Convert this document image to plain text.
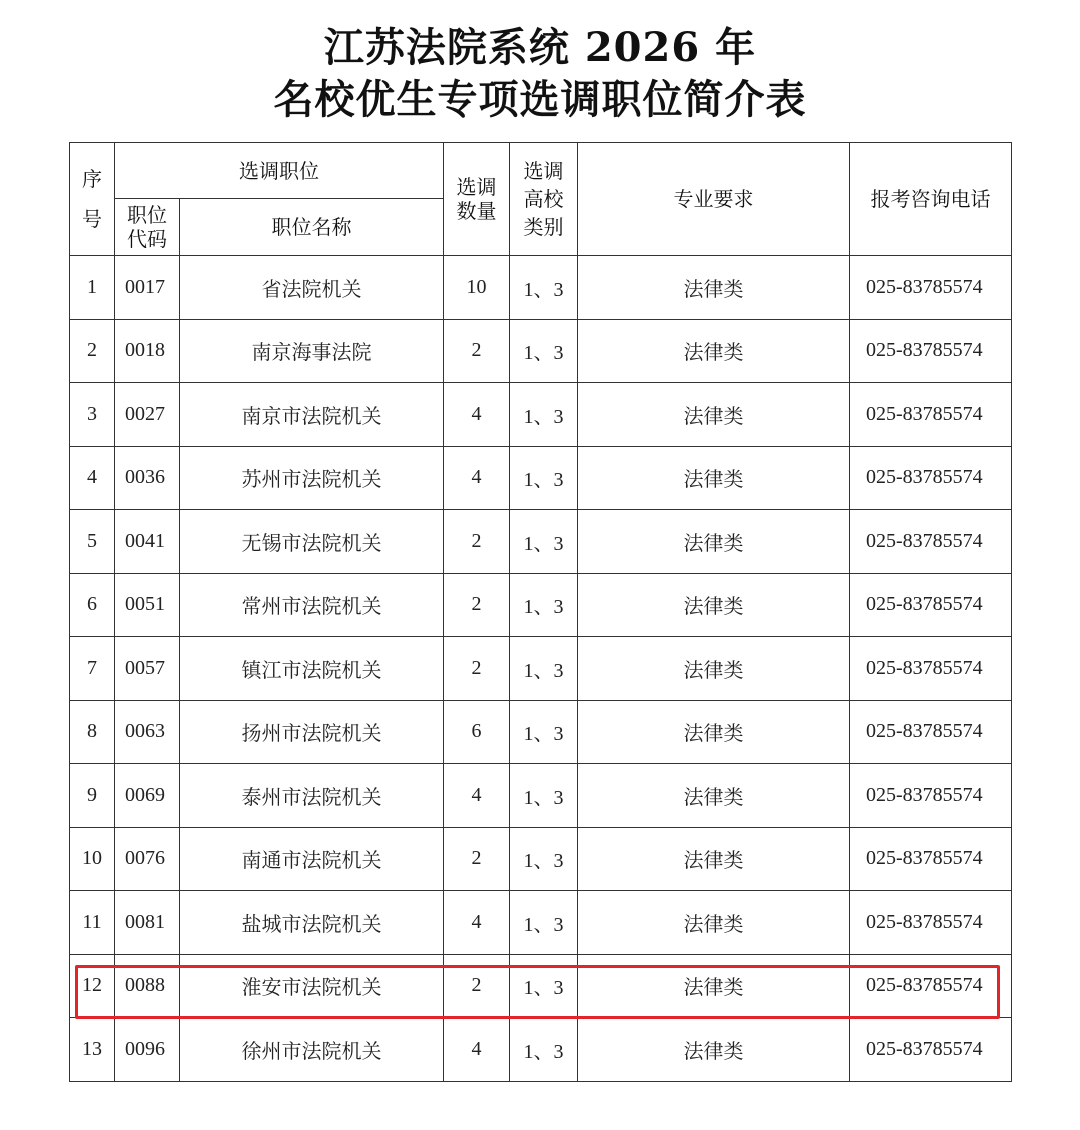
江苏法院系统 2026 年
名校优生专项选调职位简介表
序号	选调职位		选调数量	选调高校类别	专业要求	报考咨询电话
	职位代码	职位名称				
1	0017	省法院机关	10	1、3	法律类	025-83785574
2	0018	南京海事法院	2	1、3	法律类	025-83785574
3	0027	南京市法院机关	4	1、3	法律类	025-83785574
4	0036	苏州市法院机关	4	1、3	法律类	025-83785574
5	0041	无锡市法院机关	2	1、3	法律类	025-83785574
6	0051	常州市法院机关	2	1、3	法律类	025-83785574
7	0057	镇江市法院机关	2	1、3	法律类	025-83785574
8	0063	扬州市法院机关	6	1、3	法律类	025-83785574
9	0069	泰州市法院机关	4	1、3	法律类	025-83785574
10	0076	南通市法院机关	2	1、3	法律类	025-83785574
11	0081	盐城市法院机关	4	1、3	法律类	025-83785574
12	0088	淮安市法院机关	2	1、3	法律类	025-83785574
13	0096	徐州市法院机关	4	1、3	法律类	025-83785574
